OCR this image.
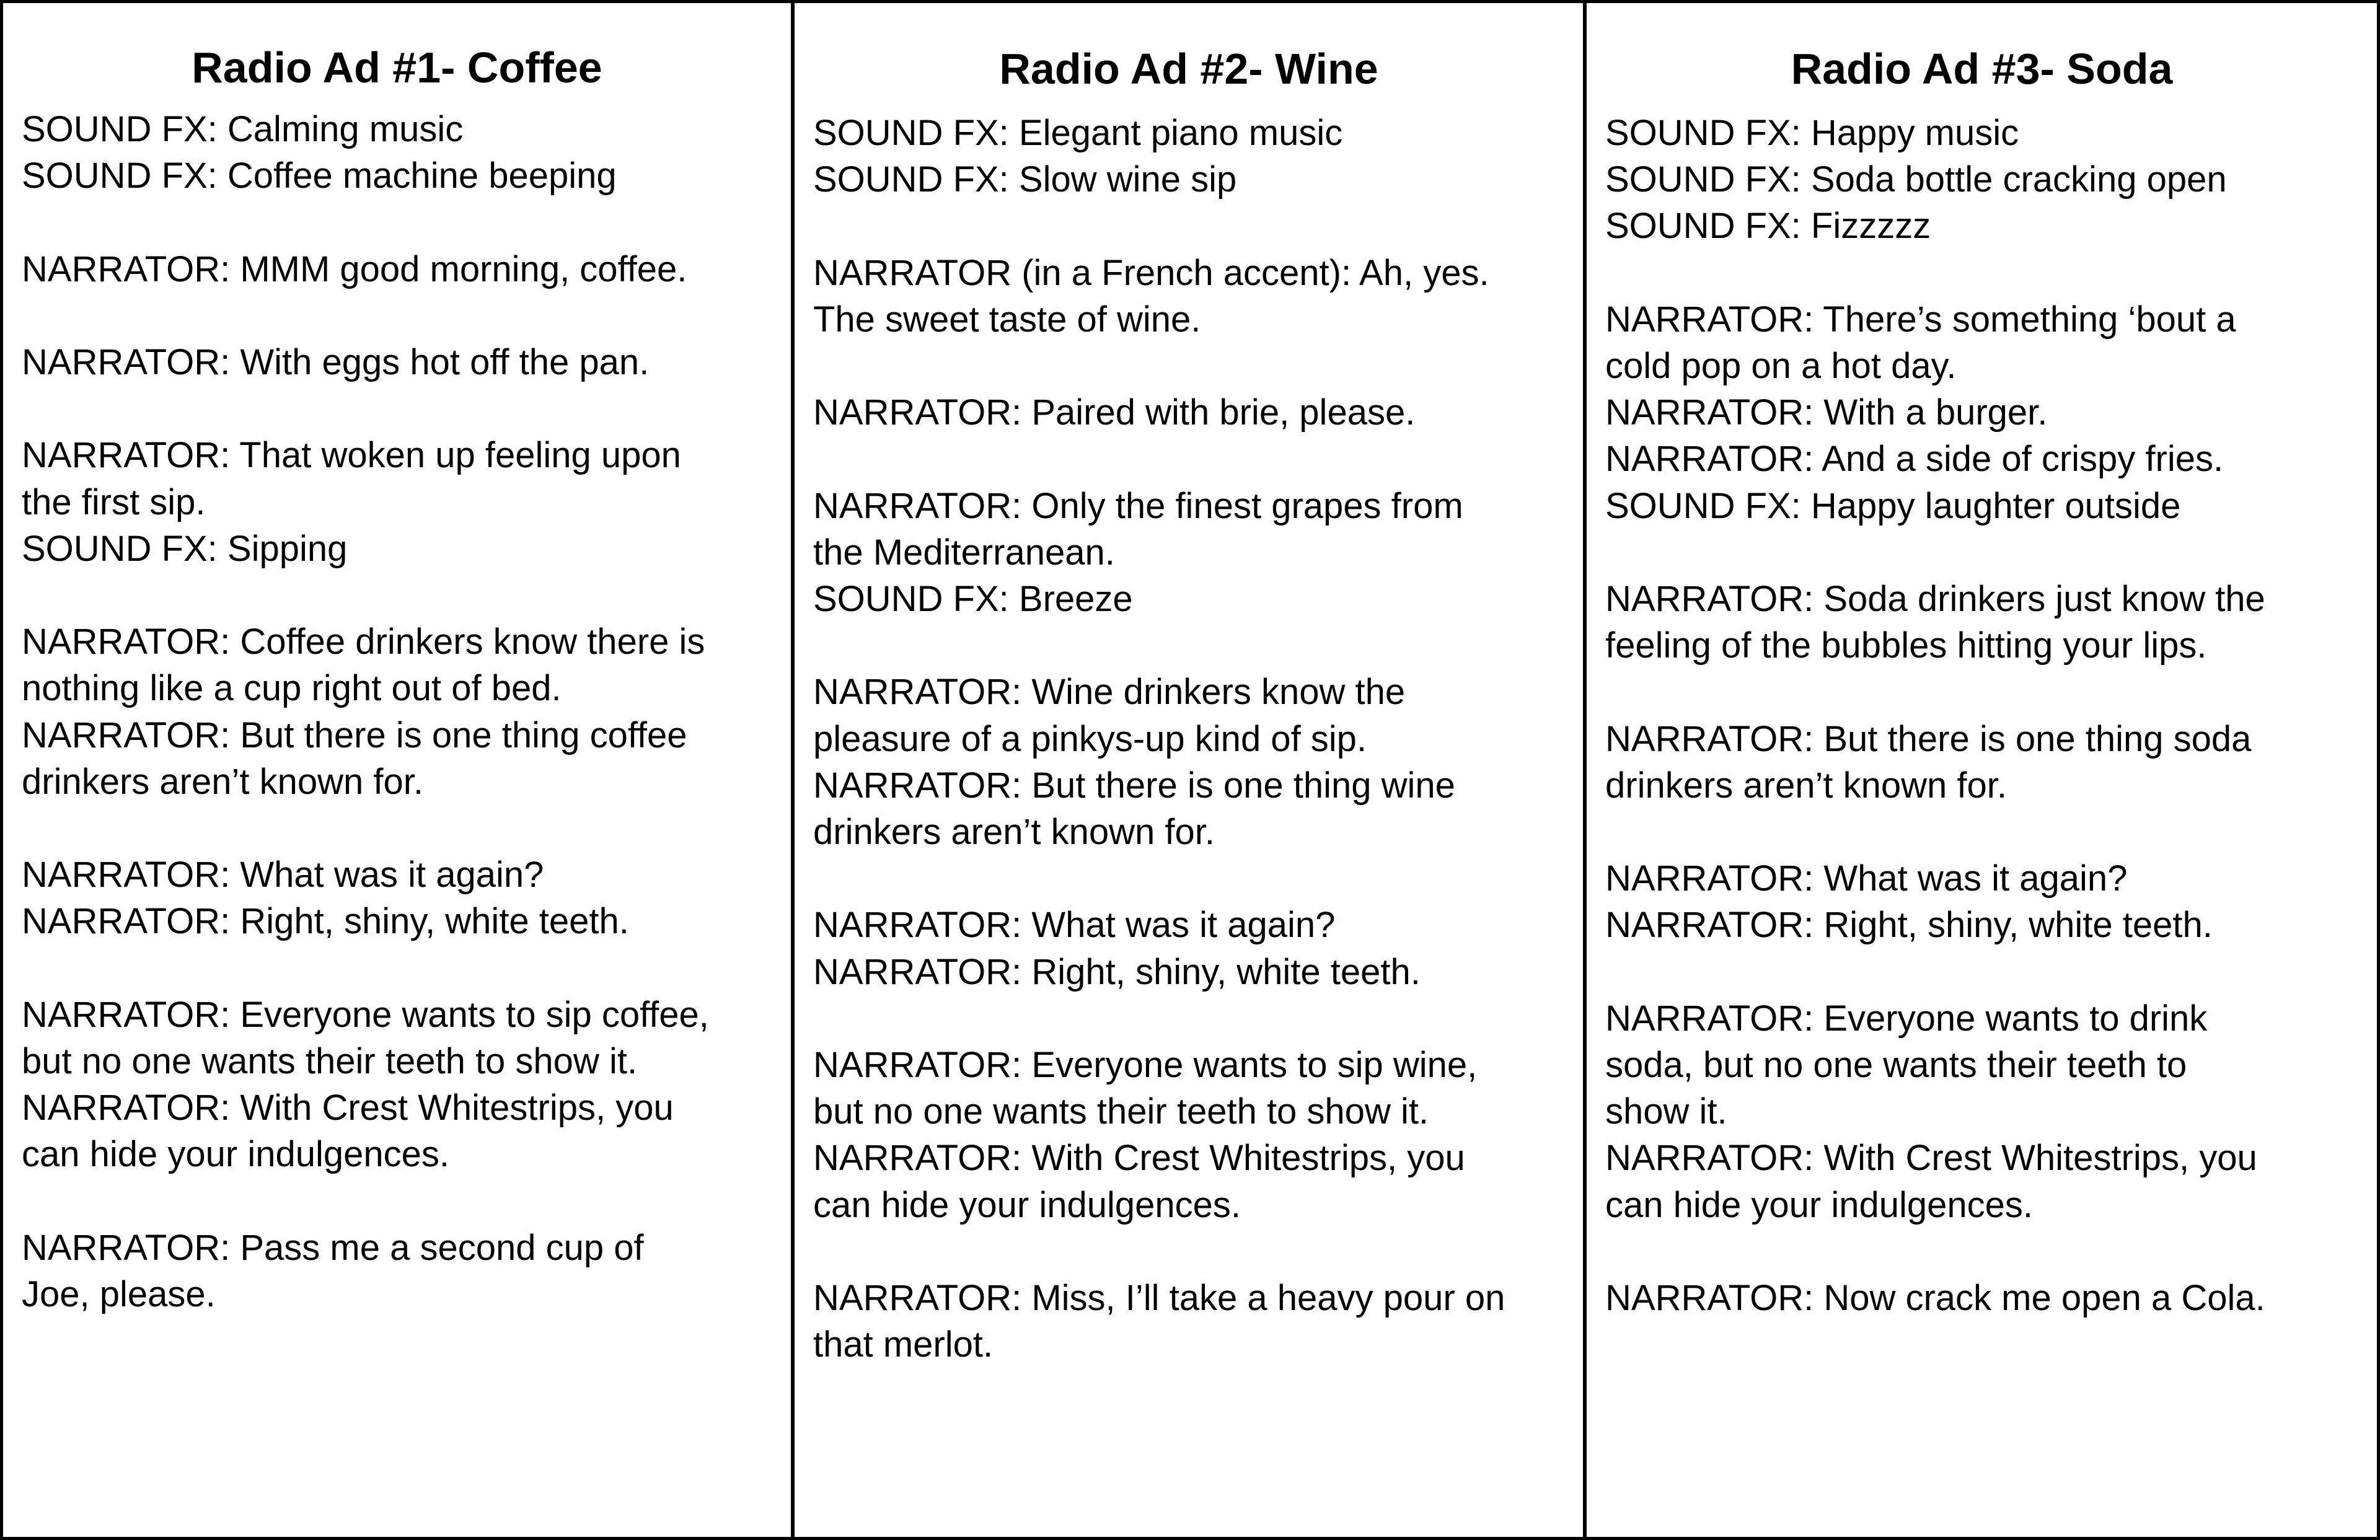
Radio Ad #1- Coffee
SOUND FX: Calming music
SOUND FX: Coffee machine beeping
NARRATOR: MMM good morning, coffee.
NARRATOR: With eggs hot off the pan.
NARRATOR: That woken up feeling upon
the first sip.
SOUND FX: Sipping
NARRATOR: Coffee drinkers know there is
nothing like a cup right out of bed.
NARRATOR: But there is one thing coffee
drinkers aren’t known for.
NARRATOR: What was it again?
NARRATOR: Right, shiny, white teeth.
NARRATOR: Everyone wants to sip coffee,
but no one wants their teeth to show it.
NARRATOR: With Crest Whitestrips, you
can hide your indulgences.
NARRATOR: Pass me a second cup of
Joe, please.
Radio Ad #2- Wine
SOUND FX: Elegant piano music
SOUND FX: Slow wine sip
NARRATOR (in a French accent): Ah, yes.
The sweet taste of wine.
NARRATOR: Paired with brie, please.
NARRATOR: Only the finest grapes from
the Mediterranean.
SOUND FX: Breeze
NARRATOR: Wine drinkers know the
pleasure of a pinkys-up kind of sip.
NARRATOR: But there is one thing wine
drinkers aren’t known for.
NARRATOR: What was it again?
NARRATOR: Right, shiny, white teeth.
NARRATOR: Everyone wants to sip wine,
but no one wants their teeth to show it.
NARRATOR: With Crest Whitestrips, you
can hide your indulgences.
NARRATOR: Miss, I’ll take a heavy pour on
that merlot.
Radio Ad #3- Soda
SOUND FX: Happy music
SOUND FX: Soda bottle cracking open
SOUND FX: Fizzzzz
NARRATOR: There’s something ‘bout a
cold pop on a hot day.
NARRATOR: With a burger.
NARRATOR: And a side of crispy fries.
SOUND FX: Happy laughter outside
NARRATOR: Soda drinkers just know the
feeling of the bubbles hitting your lips.
NARRATOR: But there is one thing soda
drinkers aren’t known for.
NARRATOR: What was it again?
NARRATOR: Right, shiny, white teeth.
NARRATOR: Everyone wants to drink
soda, but no one wants their teeth to
show it.
NARRATOR: With Crest Whitestrips, you
can hide your indulgences.
NARRATOR: Now crack me open a Cola.
